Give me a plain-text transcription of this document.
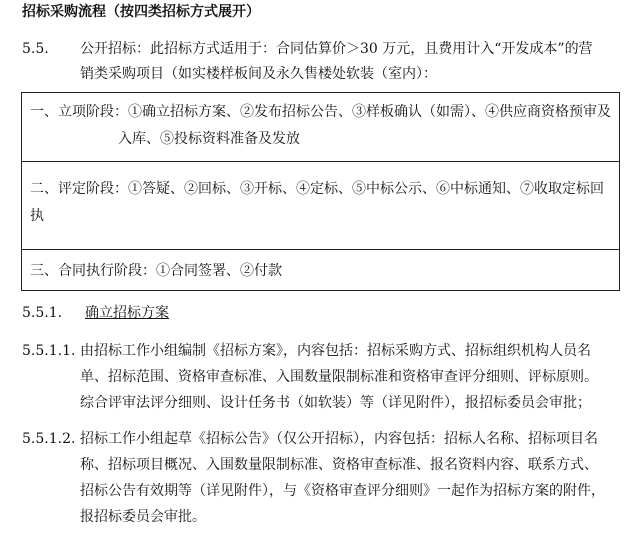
招标采购流程（按四类招标方式展开）
5.5. 公开招标：此招标方式适用于：合同估算价＞30 万元，且费用计入“开发成本”的营
销类采购项目（如实楼样板间及永久售楼处软装（室内）：
一、立项阶段：①确立招标方案、②发布招标公告、③样板确认（如需）、④供应商资格预审及
入库、⑤投标资料准备及发放
二、评定阶段：①答疑、②回标、③开标、④定标、⑤中标公示、⑥中标通知、⑦收取定标回
执
三、合同执行阶段：①合同签署、②付款
5.5.1. 确立招标方案
5.5.1.1. 由招标工作小组编制《招标方案》，内容包括：招标采购方式、招标组织机构人员名
单、招标范围、资格审查标准、入围数量限制标准和资格审查评分细则、评标原则。
综合评审法评分细则、设计任务书（如软装）等（详见附件），报招标委员会审批；
5.5.1.2. 招标工作小组起草《招标公告》（仅公开招标），内容包括：招标人名称、招标项目名
称、招标项目概况、入围数量限制标准、资格审查标准、报名资料内容、联系方式、
招标公告有效期等（详见附件），与《资格审查评分细则》一起作为招标方案的附件，
报招标委员会审批。
